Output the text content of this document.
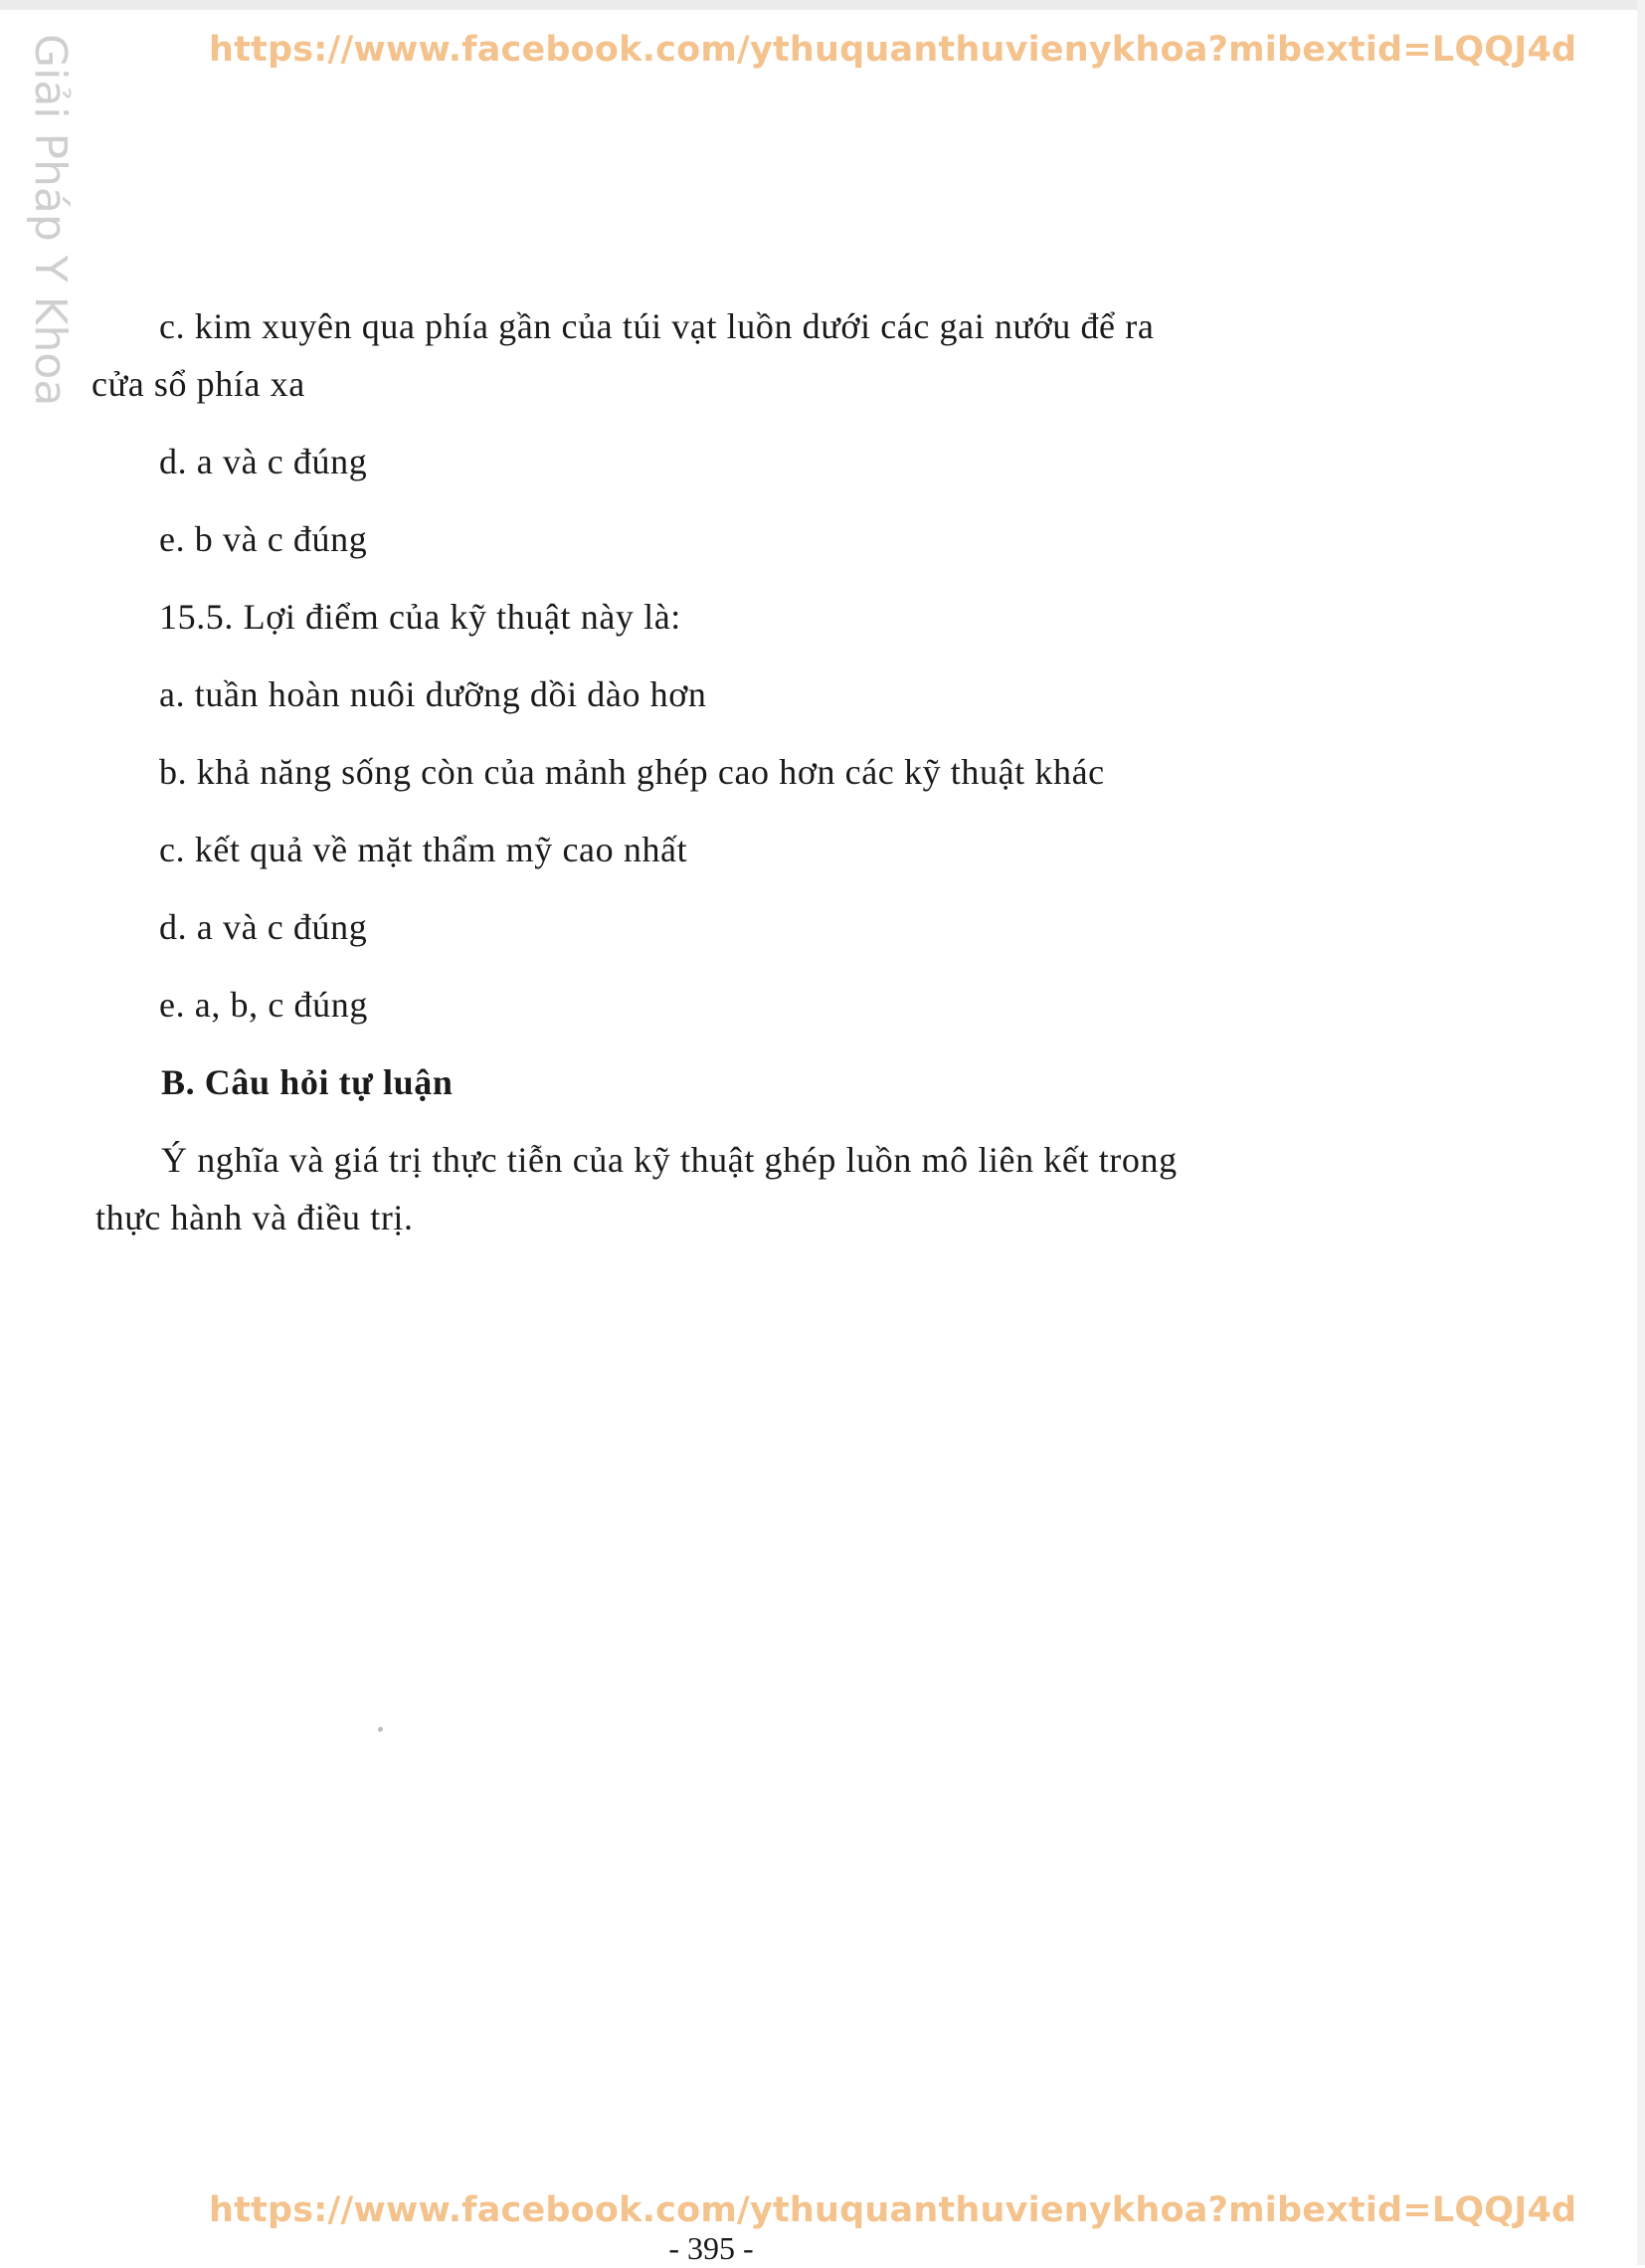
https://www.facebook.com/ythuquanthuvienykhoa?mibextid=LQQJ4d
Giải Pháp Y Khoa c. kim xuyên qua phía gần của túi vạt luồn dưới các gai nướu để ra
cửa sổ phía xa
d. a và c đúng
e. b và c đúng
15.5. Lợi điểm của kỹ thuật này là:
a. tuần hoàn nuôi dưỡng dồi dào hơn
b. khả năng sống còn của mảnh ghép cao hơn các kỹ thuật khác
c. kết quả về mặt thẩm mỹ cao nhất
d. a và c đúng
e. a, b, c đúng
B. Câu hỏi tự luận
Ý nghĩa và giá trị thực tiễn của kỹ thuật ghép luồn mô liên kết trong
thực hành và điều trị.
https://www.facebook.com/ythuquanthuvienykhoa?mibextid=LQQJ4d
- 395 -
